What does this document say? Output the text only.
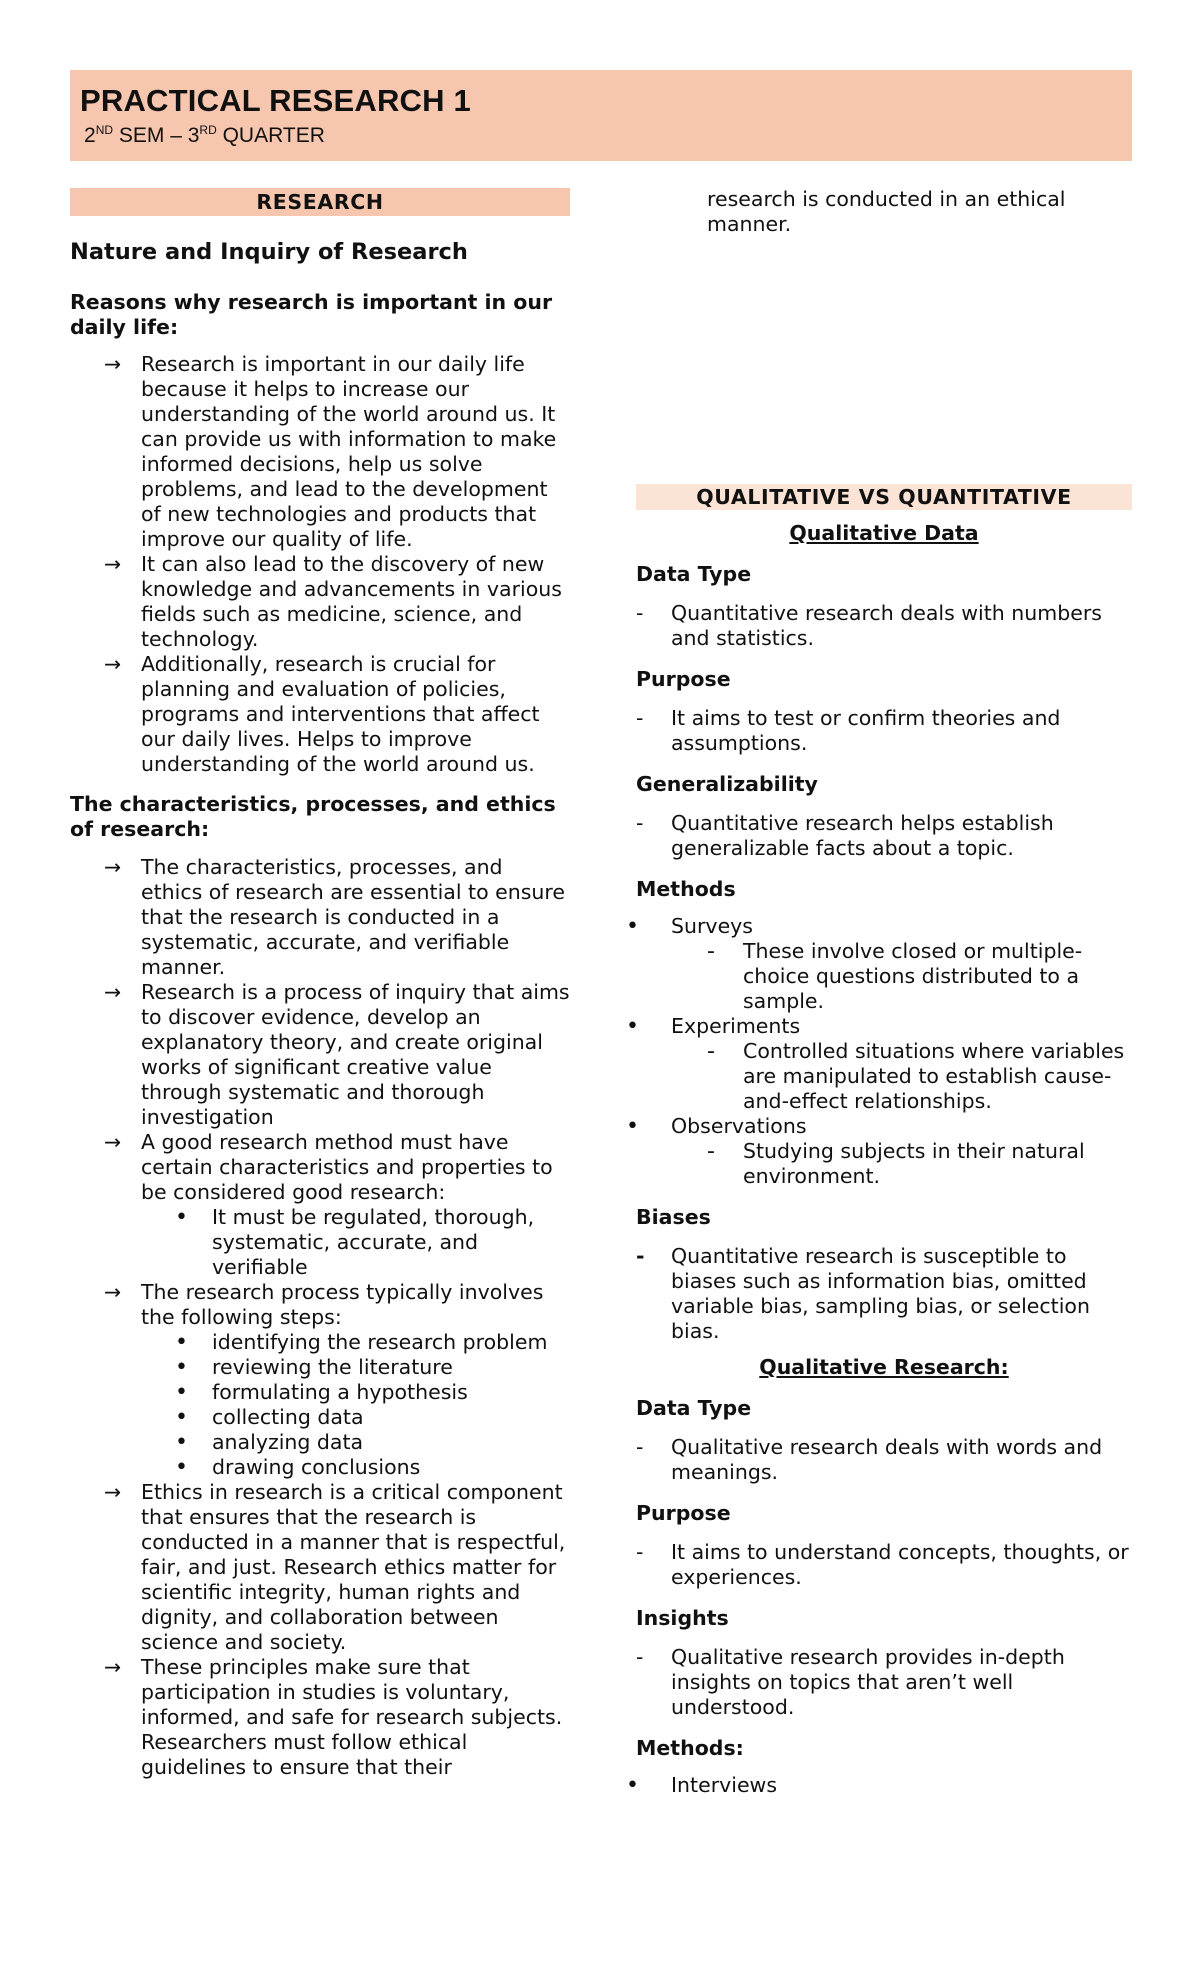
PRACTICAL RESEARCH 1
2ND SEM – 3RD QUARTER
RESEARCH
Nature and Inquiry of Research
Reasons why research is important in our daily life:
→ Research is important in our daily life because it helps to increase our understanding of the world around us. It can provide us with information to make informed decisions, help us solve problems, and lead to the development of new technologies and products that improve our quality of life.
→ It can also lead to the discovery of new knowledge and advancements in various fields such as medicine, science, and technology.
→ Additionally, research is crucial for planning and evaluation of policies, programs and interventions that affect our daily lives. Helps to improve understanding of the world around us.
The characteristics, processes, and ethics of research:
→ The characteristics, processes, and ethics of research are essential to ensure that the research is conducted in a systematic, accurate, and verifiable manner.
→ Research is a process of inquiry that aims to discover evidence, develop an explanatory theory, and create original works of significant creative value through systematic and thorough investigation
→ A good research method must have certain characteristics and properties to be considered good research:
•	It must be regulated, thorough, systematic, accurate, and verifiable
→ The research process typically involves the following steps:
•	identifying the research problem
•	reviewing the literature
•	formulating a hypothesis
•	collecting data
•	analyzing data
•	drawing conclusions
→ Ethics in research is a critical component that ensures that the research is conducted in a manner that is respectful, fair, and just. Research ethics matter for scientific integrity, human rights and dignity, and collaboration between science and society.
→ These principles make sure that participation in studies is voluntary, informed, and safe for research subjects. Researchers must follow ethical guidelines to ensure that their
research is conducted in an ethical manner.
QUALITATIVE VS QUANTITATIVE
Qualitative Data
Data Type
- Quantitative research deals with numbers and statistics.
Purpose
- It aims to test or confirm theories and assumptions.
Generalizability
- Quantitative research helps establish generalizable facts about a topic.
Methods
• Surveys
-	These involve closed or multiple-choice questions distributed to a sample.
• Experiments
-	Controlled situations where variables are manipulated to establish cause-and-effect relationships.
• Observations
-	Studying subjects in their natural environment.
Biases
- Quantitative research is susceptible to biases such as information bias, omitted variable bias, sampling bias, or selection bias.
Qualitative Research:
Data Type
- Qualitative research deals with words and meanings.
Purpose
- It aims to understand concepts, thoughts, or experiences.
Insights
- Qualitative research provides in-depth insights on topics that aren’t well understood.
Methods:
• Interviews
